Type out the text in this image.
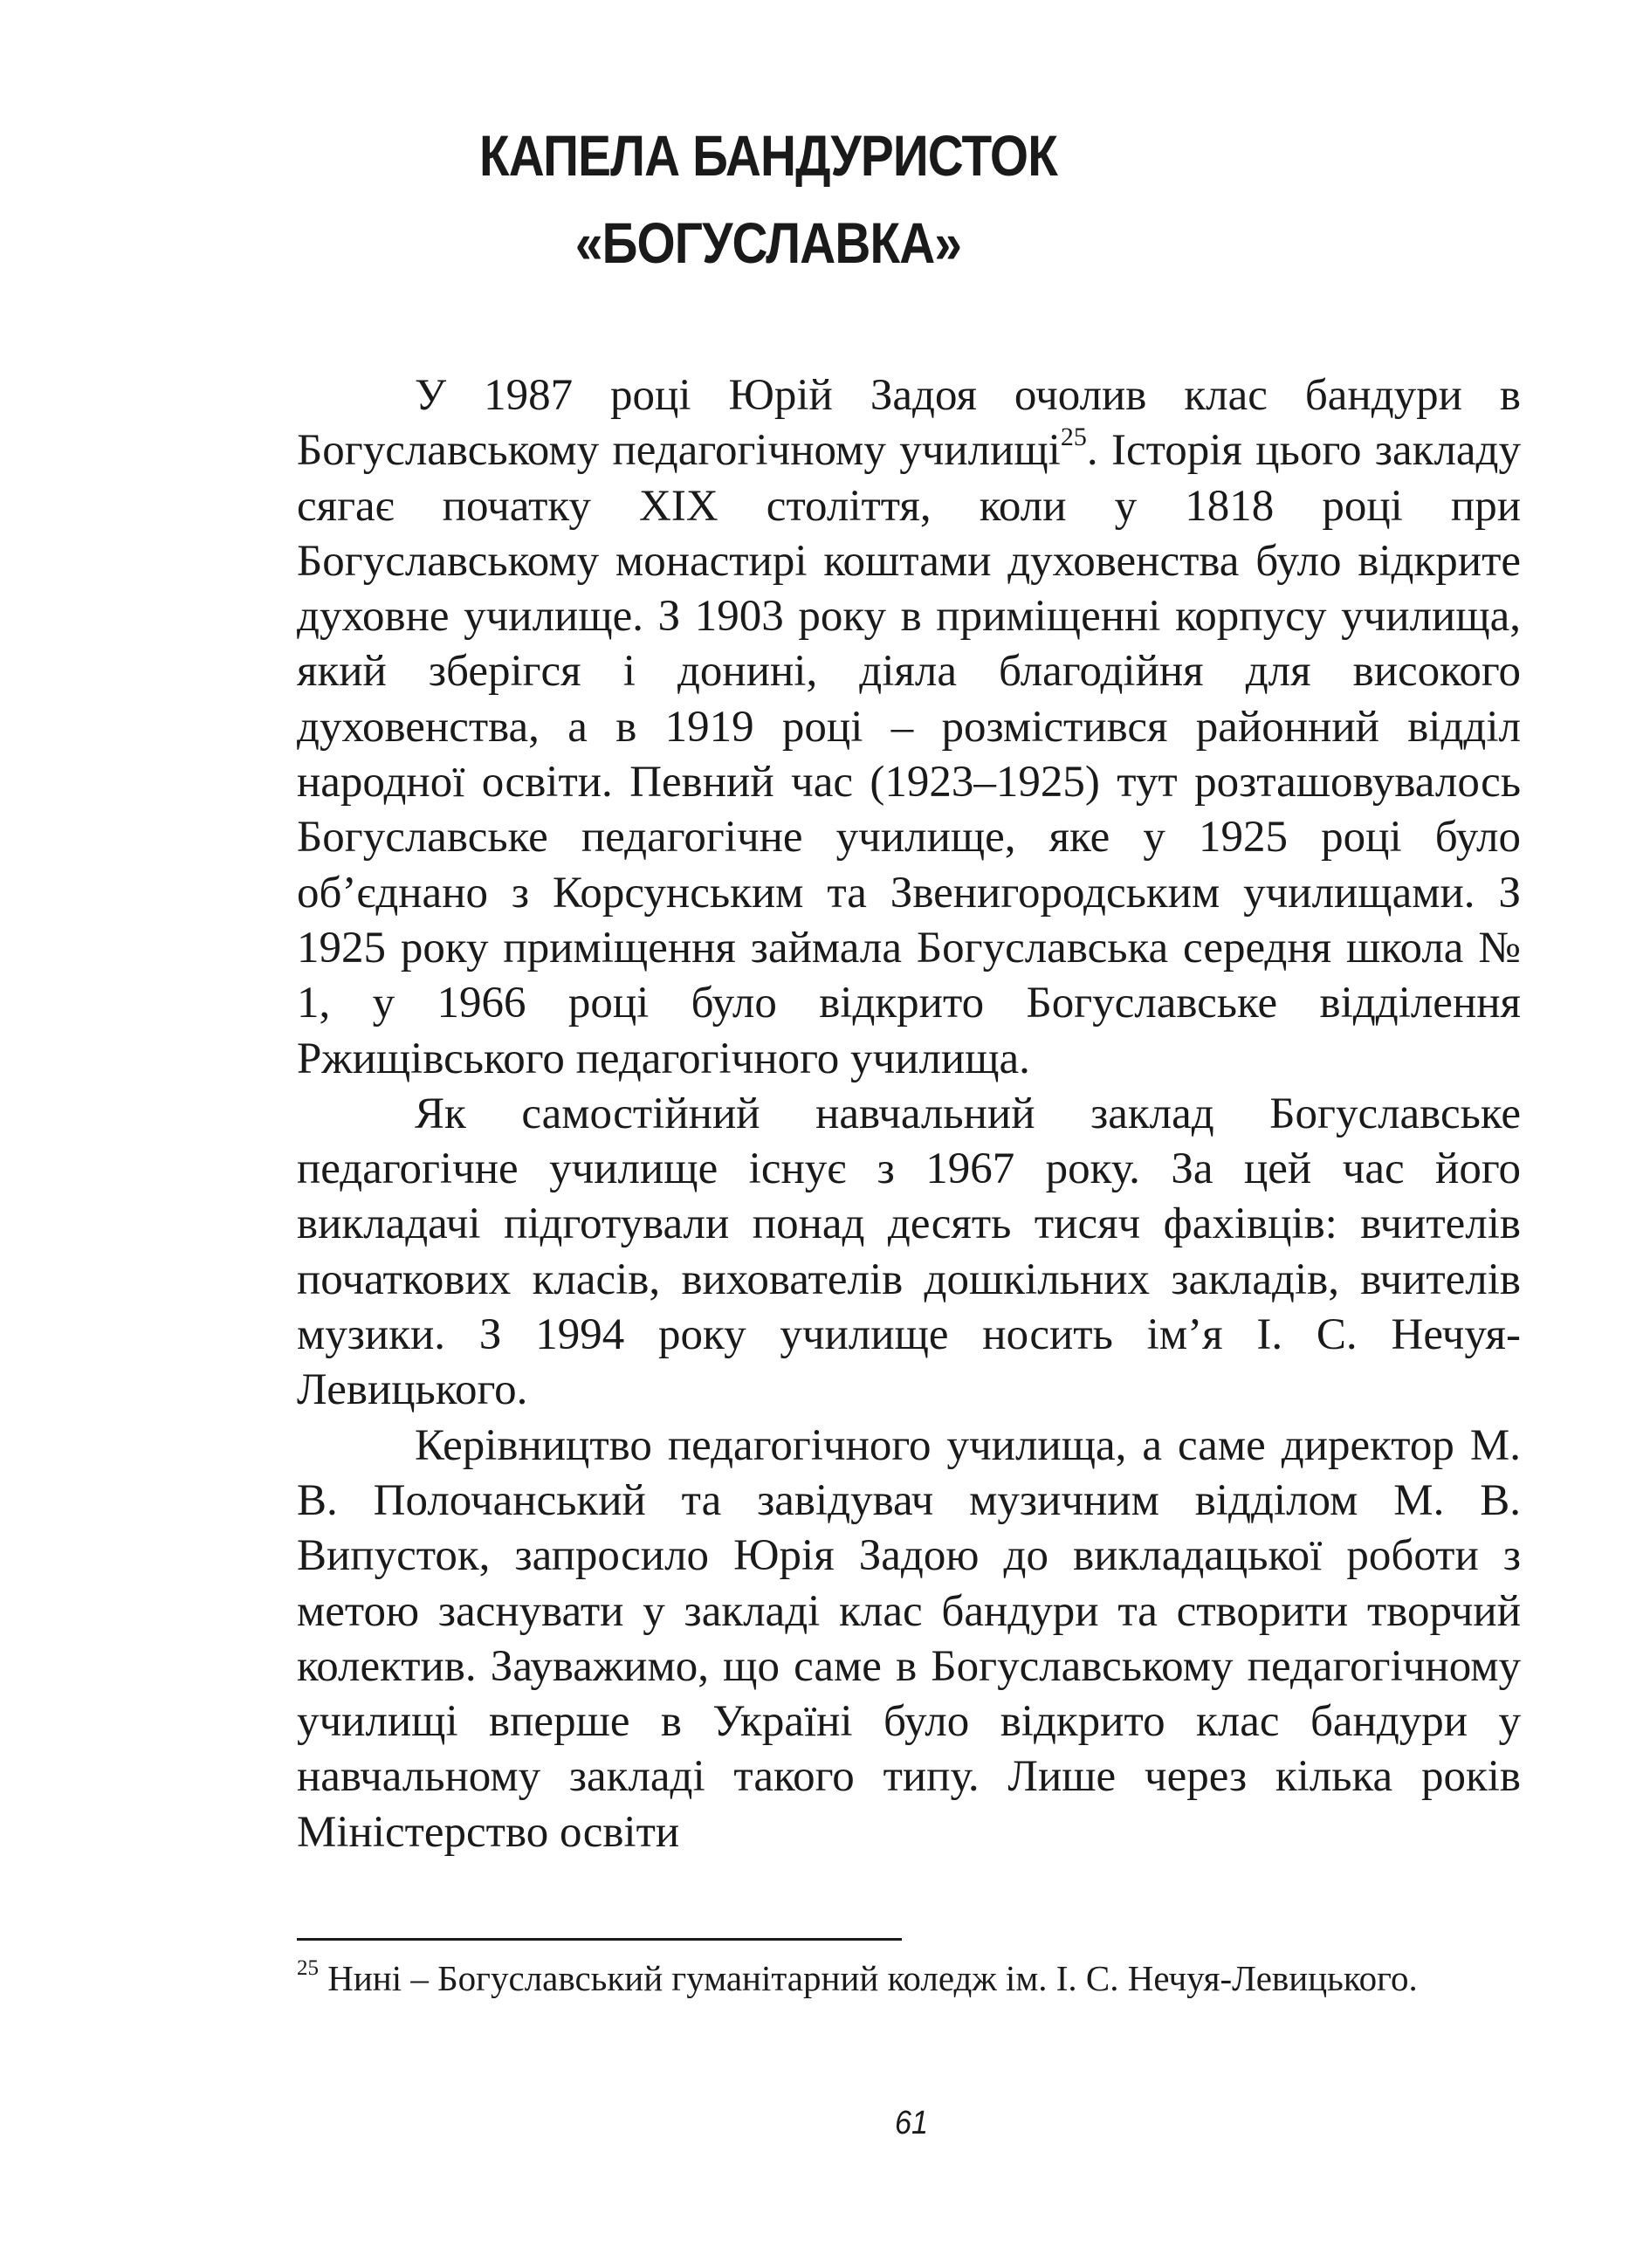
КАПЕЛА БАНДУРИСТОК
«БОГУСЛАВКА»

У 1987 році Юрій Задоя очолив клас бандури в Богуславському педагогічному училищі$^{25}$. Історія цього закладу сягає початку ХІХ століття, коли у 1818 році при Богуславському монастирі коштами духовенства було відкрите духовне училище. З 1903 року в приміщенні корпусу училища, який зберігся і донині, діяла благодійня для високого духовенства, а в 1919 році – розмістився районний відділ народної освіти. Певний час (1923–1925) тут розташовувалось Богуславське педагогічне училище, яке у 1925 році було об’єднано з Корсунським та Звенигородським училищами. З 1925 року приміщення займала Богуславська середня школа № 1, у 1966 році було відкрито Богуславське відділення Ржищівського педагогічного училища.

Як самостійний навчальний заклад Богуславське педагогічне училище існує з 1967 року. За цей час його викладачі підготували понад десять тисяч фахівців: вчителів початкових класів, вихователів дошкільних закладів, вчителів музики. З 1994 року училище носить ім’я І. С. Нечуя-Левицького.

Керівництво педагогічного училища, а саме директор М. В. Полочанський та завідувач музичним відділом М. В. Випусток, запросило Юрія Задою до викладацької роботи з метою заснувати у закладі клас бандури та створити творчий колектив. Зауважимо, що саме в Богуславському педагогічному училищі вперше в Україні було відкрито клас бандури у навчальному закладі такого типу. Лише через кілька років Міністерство освіти

$^{25}$ Нині – Богуславський гуманітарний коледж ім. І. С. Нечуя-Левицького.
61
